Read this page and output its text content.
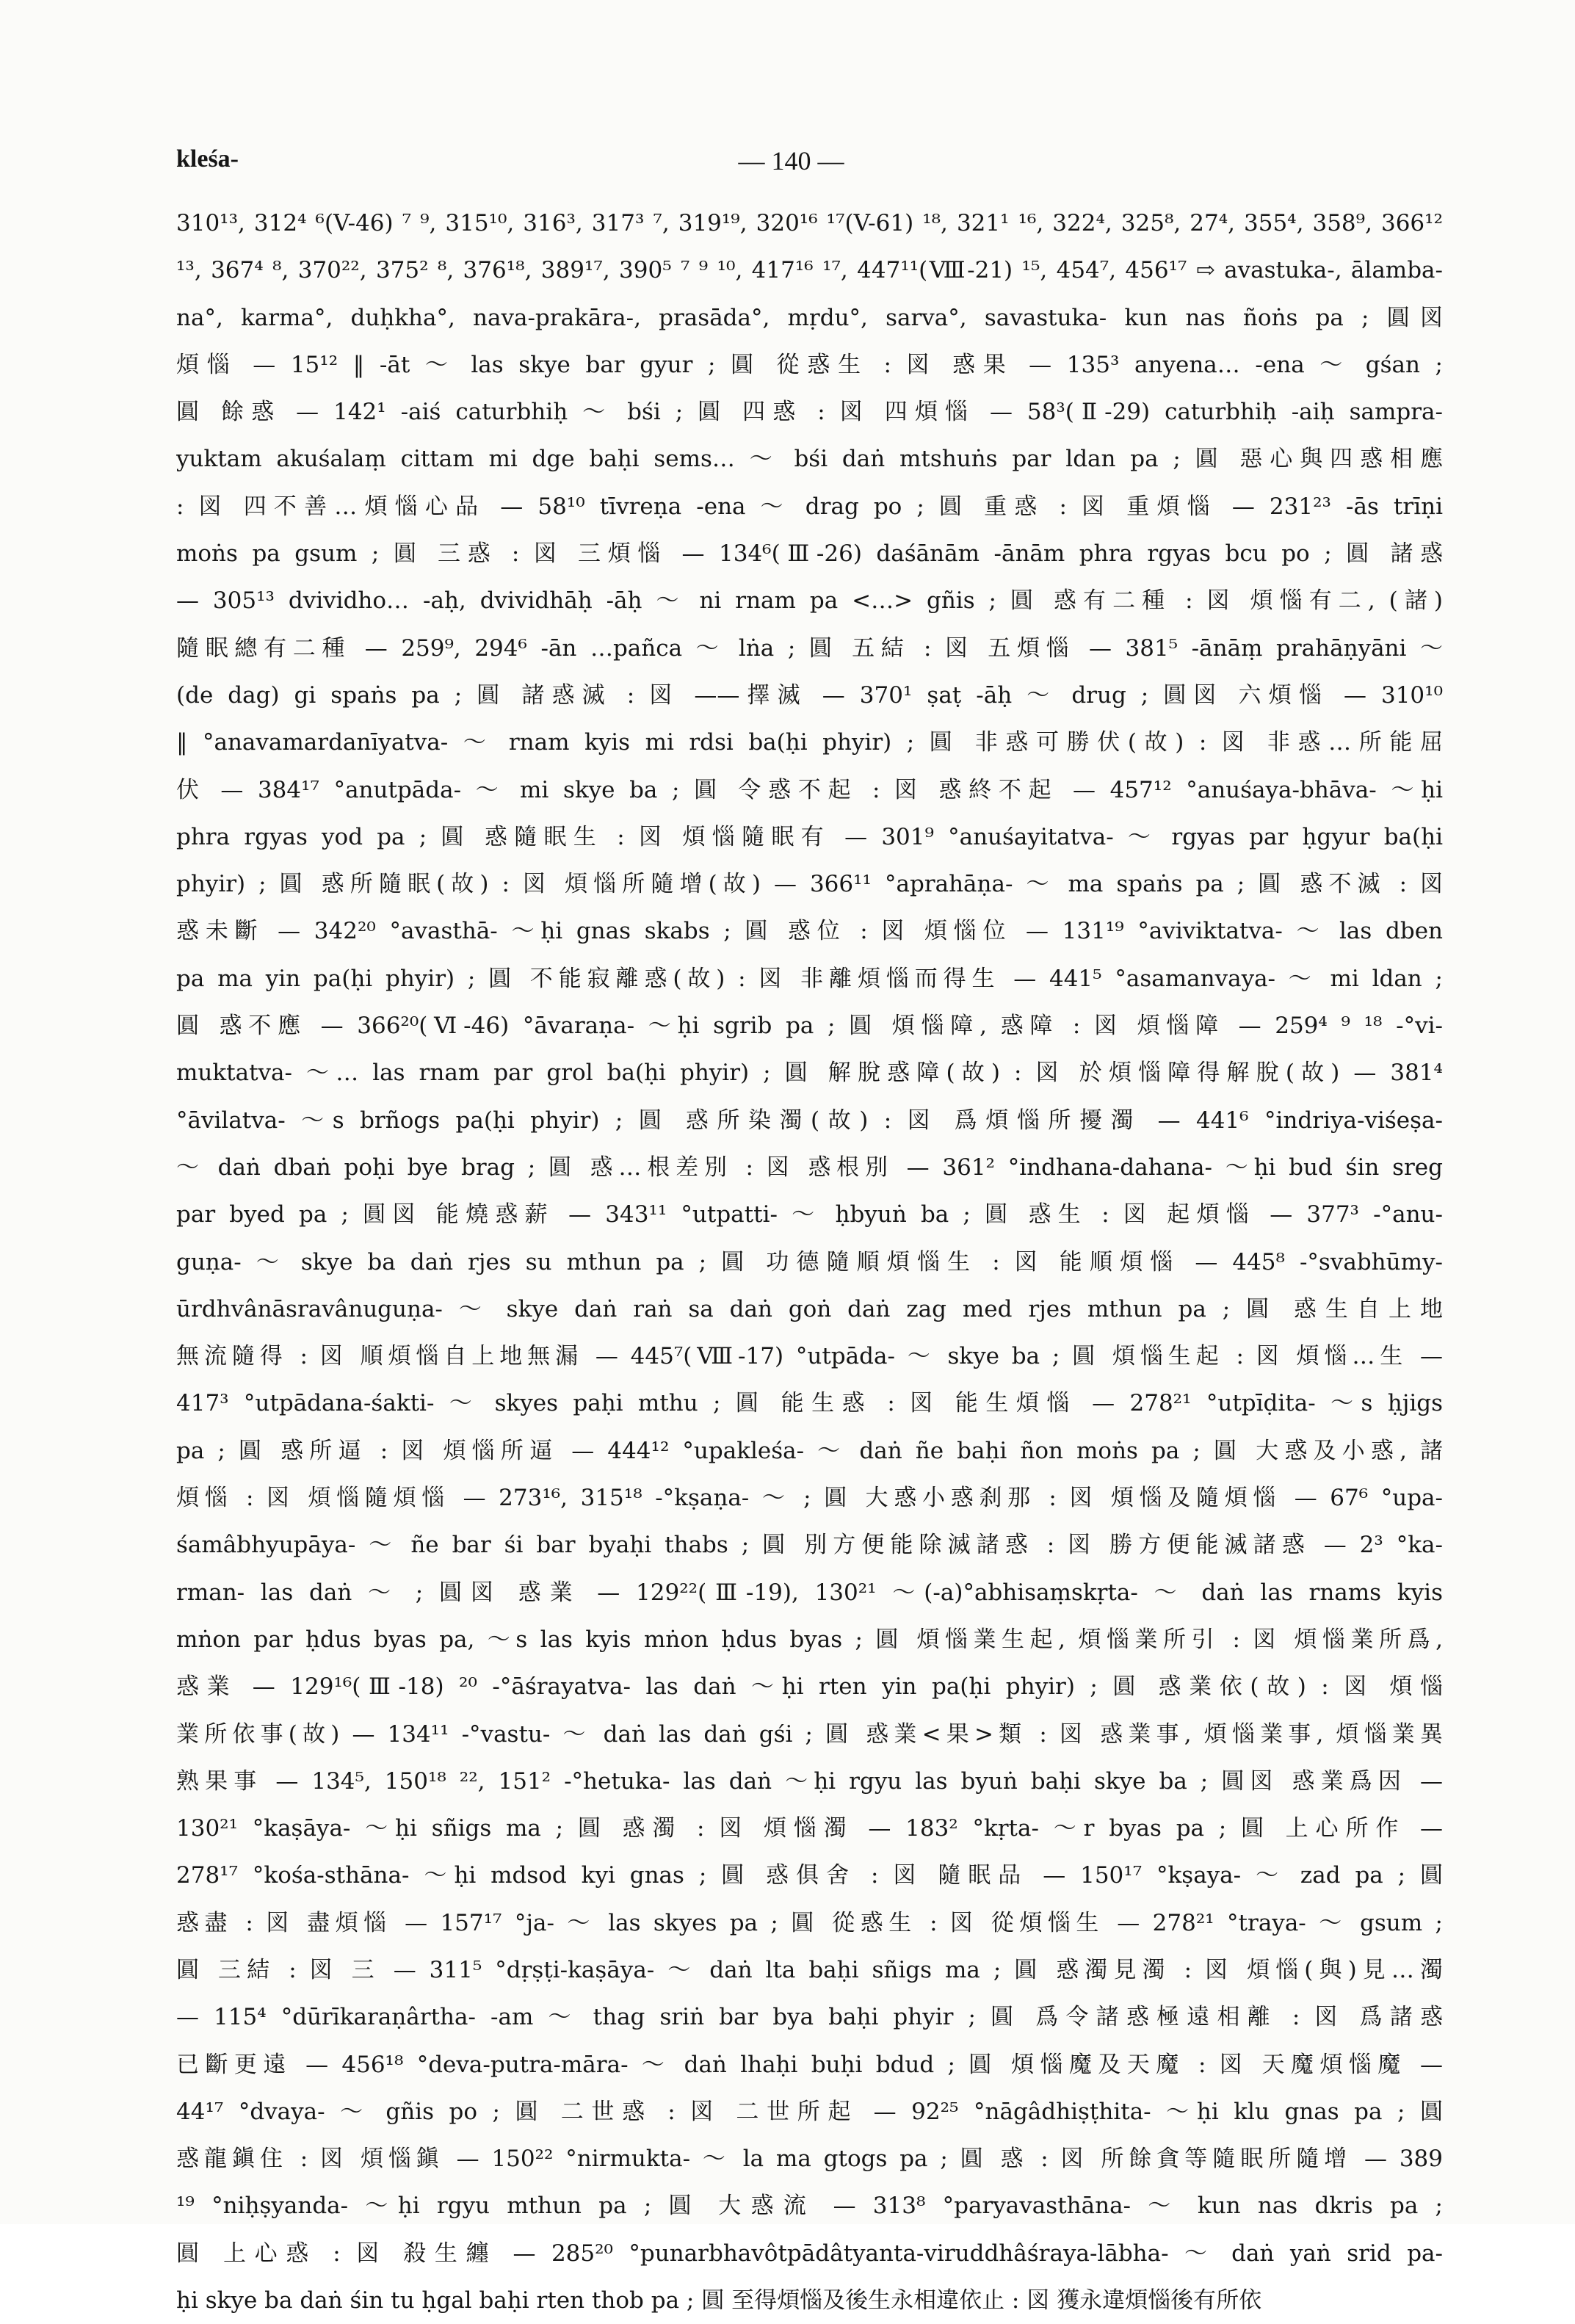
kleśa-	— 140 —
310¹³, 312⁴ ⁶(V-46) ⁷ ⁹, 315¹⁰, 316³, 317³ ⁷, 319¹⁹, 320¹⁶ ¹⁷(V-61) ¹⁸, 321¹ ¹⁶, 322⁴, 325⁸, 27⁴, 355⁴, 358⁹, 366¹²
¹³, 367⁴ ⁸, 370²², 375² ⁸, 376¹⁸, 389¹⁷, 390⁵ ⁷ ⁹ ¹⁰, 417¹⁶ ¹⁷, 447¹¹(Ⅷ-21) ¹⁵, 454⁷, 456¹⁷ ⇨ avastuka-, ālamba-
na°, karma°, duḥkha°, nava-prakāra-, prasāda°, mṛdu°, sarva°, savastuka- kun nas ñoṅs pa ; 圓図
煩惱 — 15¹² ‖ -āt ～ las skye bar gyur ; 圓 從惑生 : 図 惑果 — 135³ anyena… -ena ～ gśan ;
圓 餘惑 — 142¹ -aiś caturbhiḥ ～ bśi ; 圓 四惑 : 図 四煩惱 — 58³(Ⅱ-29) caturbhiḥ -aiḥ sampra-
yuktam akuśalaṃ cittam mi dge baḥi sems… ～ bśi daṅ mtshuṅs par ldan pa ; 圓 惡心與四惑相應
: 図 四不善…煩惱心品 — 58¹⁰ tīvreṇa -ena ～ drag po ; 圓 重惑 : 図 重煩惱 — 231²³ -ās trīṇi
moṅs pa gsum ; 圓 三惑 : 図 三煩惱 — 134⁶(Ⅲ-26) daśānām -ānām phra rgyas bcu po ; 圓 諸惑
— 305¹³ dvividho… -aḥ, dvividhāḥ -āḥ ～ ni rnam pa <…> gñis ; 圓 惑有二種 : 図 煩惱有二, (諸)
隨眠總有二種 — 259⁹, 294⁶ -ān …pañca ～ lṅa ; 圓 五結 : 図 五煩惱 — 381⁵ -ānāṃ prahāṇyāni ～
(de dag) gi spaṅs pa ; 圓 諸惑滅 : 図 ——擇滅 — 370¹ ṣaṭ -āḥ ～ drug ; 圓図 六煩惱 — 310¹⁰
‖ °anavamardanīyatva- ～ rnam kyis mi rdsi ba(ḥi phyir) ; 圓 非惑可勝伏(故) : 図 非惑…所能屈
伏 — 384¹⁷ °anutpāda- ～ mi skye ba ; 圓 令惑不起 : 図 惑終不起 — 457¹² °anuśaya-bhāva- ～ḥi
phra rgyas yod pa ; 圓 惑隨眠生 : 図 煩惱隨眠有 — 301⁹ °anuśayitatva- ～ rgyas par ḥgyur ba(ḥi
phyir) ; 圓 惑所隨眠(故) : 図 煩惱所隨增(故) — 366¹¹ °aprahāṇa- ～ ma spaṅs pa ; 圓 惑不滅 : 図
惑未斷 — 342²⁰ °avasthā- ～ḥi gnas skabs ; 圓 惑位 : 図 煩惱位 — 131¹⁹ °aviviktatva- ～ las dben
pa ma yin pa(ḥi phyir) ; 圓 不能寂離惑(故) : 図 非離煩惱而得生 — 441⁵ °asamanvaya- ～ mi ldan ;
圓 惑不應 — 366²⁰(Ⅵ-46) °āvaraṇa- ～ḥi sgrib pa ; 圓 煩惱障, 惑障 : 図 煩惱障 — 259⁴ ⁹ ¹⁸ -°vi-
muktatva- ～… las rnam par grol ba(ḥi phyir) ; 圓 解脫惑障(故) : 図 於煩惱障得解脫(故) — 381⁴
°āvilatva- ～s brñogs pa(ḥi phyir) ; 圓 惑所染濁(故) : 図 爲煩惱所擾濁 — 441⁶ °indriya-viśeṣa-
～ daṅ dbaṅ poḥi bye brag ; 圓 惑…根差別 : 図 惑根別 — 361² °indhana-dahana- ～ḥi bud śin sreg
par byed pa ; 圓図 能燒惑薪 — 343¹¹ °utpatti- ～ ḥbyuṅ ba ; 圓 惑生 : 図 起煩惱 — 377³ -°anu-
guṇa- ～ skye ba daṅ rjes su mthun pa ; 圓 功德隨順煩惱生 : 図 能順煩惱 — 445⁸ -°svabhūmy-
ūrdhvânāsravânuguṇa- ～ skye daṅ raṅ sa daṅ goṅ daṅ zag med rjes mthun pa ; 圓 惑生自上地
無流隨得 : 図 順煩惱自上地無漏 — 445⁷(Ⅷ-17) °utpāda- ～ skye ba ; 圓 煩惱生起 : 図 煩惱…生 —
417³ °utpādana-śakti- ～ skyes paḥi mthu ; 圓 能生惑 : 図 能生煩惱 — 278²¹ °utpīḍita- ～s ḥjigs
pa ; 圓 惑所逼 : 図 煩惱所逼 — 444¹² °upakleśa- ～ daṅ ñe baḥi ñon moṅs pa ; 圓 大惑及小惑, 諸
煩惱 : 図 煩惱隨煩惱 — 273¹⁶, 315¹⁸ -°kṣaṇa- ～ ; 圓 大惑小惑刹那 : 図 煩惱及隨煩惱 — 67⁶ °upa-
śamâbhyupāya- ～ ñe bar śi bar byaḥi thabs ; 圓 別方便能除滅諸惑 : 図 勝方便能滅諸惑 — 2³ °ka-
rman- las daṅ ～ ; 圓図 惑業 — 129²²(Ⅲ-19), 130²¹ ～(-a)°abhisaṃskṛta- ～ daṅ las rnams kyis
mṅon par ḥdus byas pa, ～s las kyis mṅon ḥdus byas ; 圓 煩惱業生起, 煩惱業所引 : 図 煩惱業所爲,
惑業 — 129¹⁶(Ⅲ-18) ²⁰ -°āśrayatva- las daṅ ～ḥi rten yin pa(ḥi phyir) ; 圓 惑業依(故) : 図 煩惱
業所依事(故) — 134¹¹ -°vastu- ～ daṅ las daṅ gśi ; 圓 惑業<果>類 : 図 惑業事, 煩惱業事, 煩惱業異
熟果事 — 134⁵, 150¹⁸ ²², 151² -°hetuka- las daṅ ～ḥi rgyu las byuṅ baḥi skye ba ; 圓図 惑業爲因 —
130²¹ °kaṣāya- ～ḥi sñigs ma ; 圓 惑濁 : 図 煩惱濁 — 183² °kṛta- ～r byas pa ; 圓 上心所作 —
278¹⁷ °kośa-sthāna- ～ḥi mdsod kyi gnas ; 圓 惑俱舍 : 図 隨眠品 — 150¹⁷ °kṣaya- ～ zad pa ; 圓
惑盡 : 図 盡煩惱 — 157¹⁷ °ja- ～ las skyes pa ; 圓 從惑生 : 図 從煩惱生 — 278²¹ °traya- ～ gsum ;
圓 三結 : 図 三 — 311⁵ °dṛṣṭi-kaṣāya- ～ daṅ lta baḥi sñigs ma ; 圓 惑濁見濁 : 図 煩惱(與)見…濁
— 115⁴ °dūrīkaraṇârtha- -am ～ thag sriṅ bar bya baḥi phyir ; 圓 爲令諸惑極遠相離 : 図 爲諸惑
已斷更遠 — 456¹⁸ °deva-putra-māra- ～ daṅ lhaḥi buḥi bdud ; 圓 煩惱魔及天魔 : 図 天魔煩惱魔 —
44¹⁷ °dvaya- ～ gñis po ; 圓 二世惑 : 図 二世所起 — 92²⁵ °nāgâdhiṣṭhita- ～ḥi klu gnas pa ; 圓
惑龍鎭住 : 図 煩惱鎭 — 150²² °nirmukta- ～ la ma gtogs pa ; 圓 惑 : 図 所餘貪等隨眠所隨增 — 389
¹⁹ °niḥṣyanda- ～ḥi rgyu mthun pa ; 圓 大惑流 — 313⁸ °paryavasthāna- ～ kun nas dkris pa ;
圓 上心惑 : 図 殺生纏 — 285²⁰ °punarbhavôtpādâtyanta-viruddhâśraya-lābha- ～ daṅ yaṅ srid pa-
ḥi skye ba daṅ śin tu ḥgal baḥi rten thob pa ; 圓 至得煩惱及後生永相違依止 : 図 獲永違煩惱後有所依
